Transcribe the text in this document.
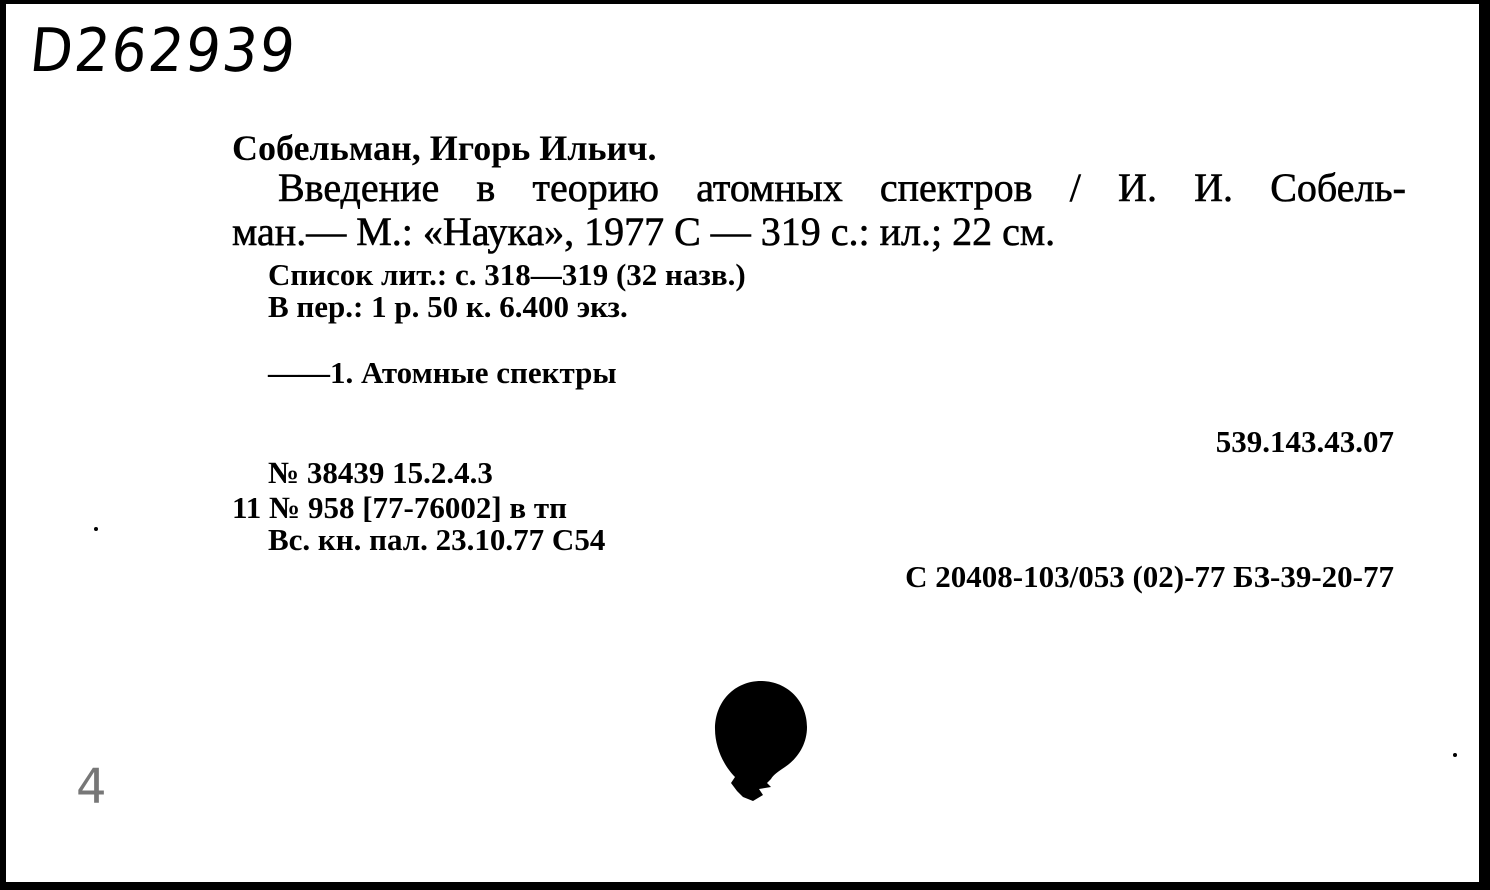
D262939
Собельман, Игорь Ильич.
Введение в теорию атомных спектров / И. И. Собель-
ман.— М.: «Наука», 1977 С — 319 с.: ил.; 22 см.
Список лит.: с. 318—319 (32 назв.)
В пер.: 1 р. 50 к. 6.400 экз.
——1. Атомные спектры
539.143.43.07
№ 38439 15.2.4.3
11 № 958 [77-76002] в тп
Вс. кн. пал. 23.10.77 С54
С 20408-103/053 (02)-77 БЗ-39-20-77
4
